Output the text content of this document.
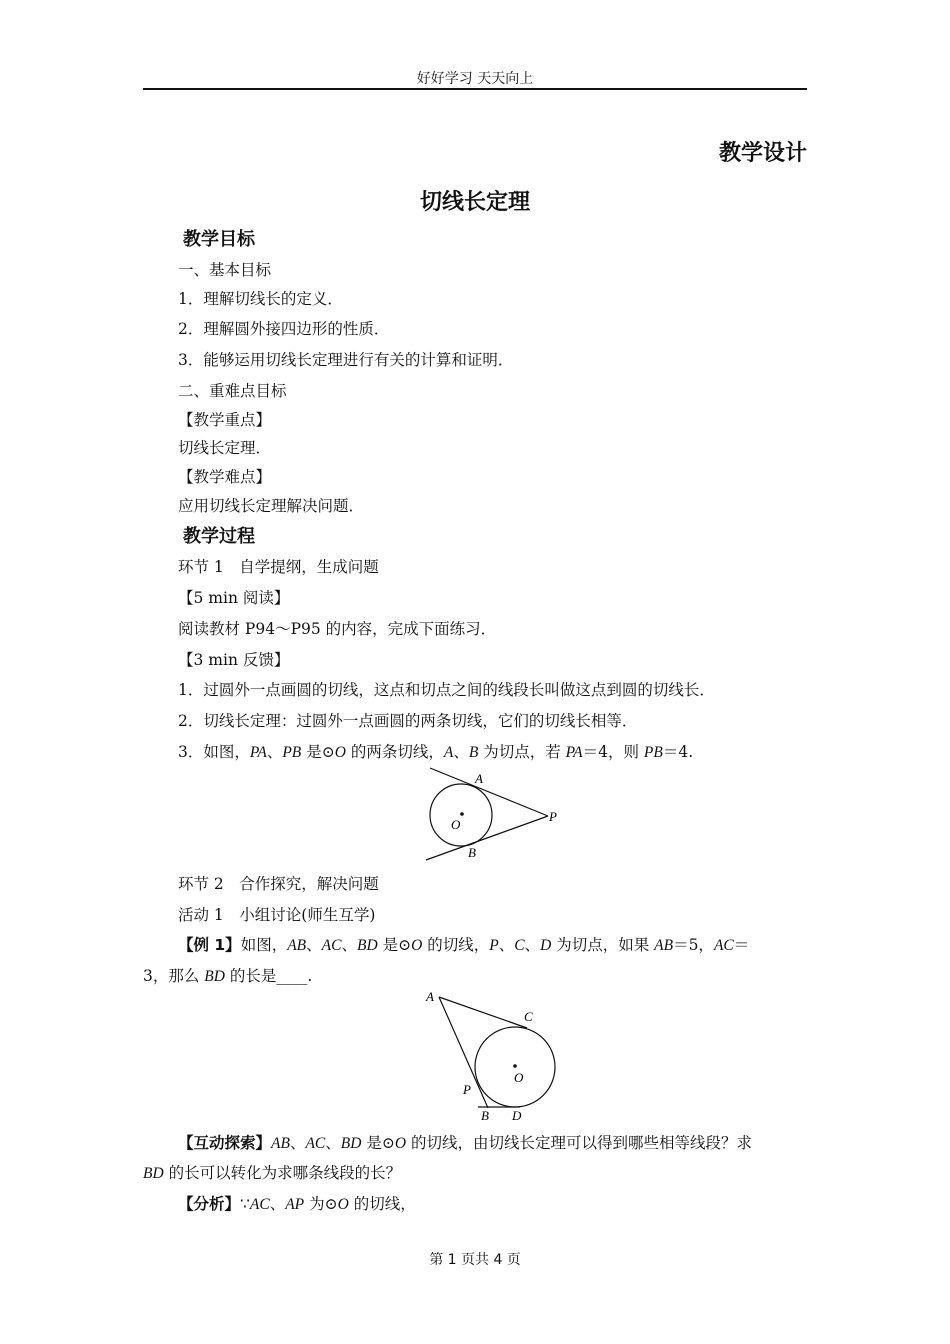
好好学习 天天向上
教学设计
切线长定理
教学目标
一、基本目标
1．理解切线长的定义．
2．理解圆外接四边形的性质．
3．能够运用切线长定理进行有关的计算和证明．
二、重难点目标
【教学重点】
切线长定理．
【教学难点】
应用切线长定理解决问题．
教学过程
环节 1　自学提纲，生成问题
【5 min 阅读】
阅读教材 P94～P95 的内容，完成下面练习．
【3 min 反馈】
1．过圆外一点画圆的切线，这点和切点之间的线段长叫做这点到圆的切线长．
2．切线长定理：过圆外一点画圆的两条切线，它们的切线长相等．
3．如图，PA、PB 是⊙O 的两条切线，A、B 为切点，若 PA＝4，则 PB＝4.
A
O
P
B
环节 2　合作探究，解决问题
活动 1　小组讨论(师生互学)
【例 1】如图，AB、AC、BD 是⊙O 的切线，P、C、D 为切点，如果 AB＝5，AC＝
3，那么 BD 的长是____.
A
C
O
P
B D
【互动探索】AB、AC、BD 是⊙O 的切线，由切线长定理可以得到哪些相等线段？求
BD 的长可以转化为求哪条线段的长？
【分析】∵AC、AP 为⊙O 的切线，
第 1 页共 4 页
